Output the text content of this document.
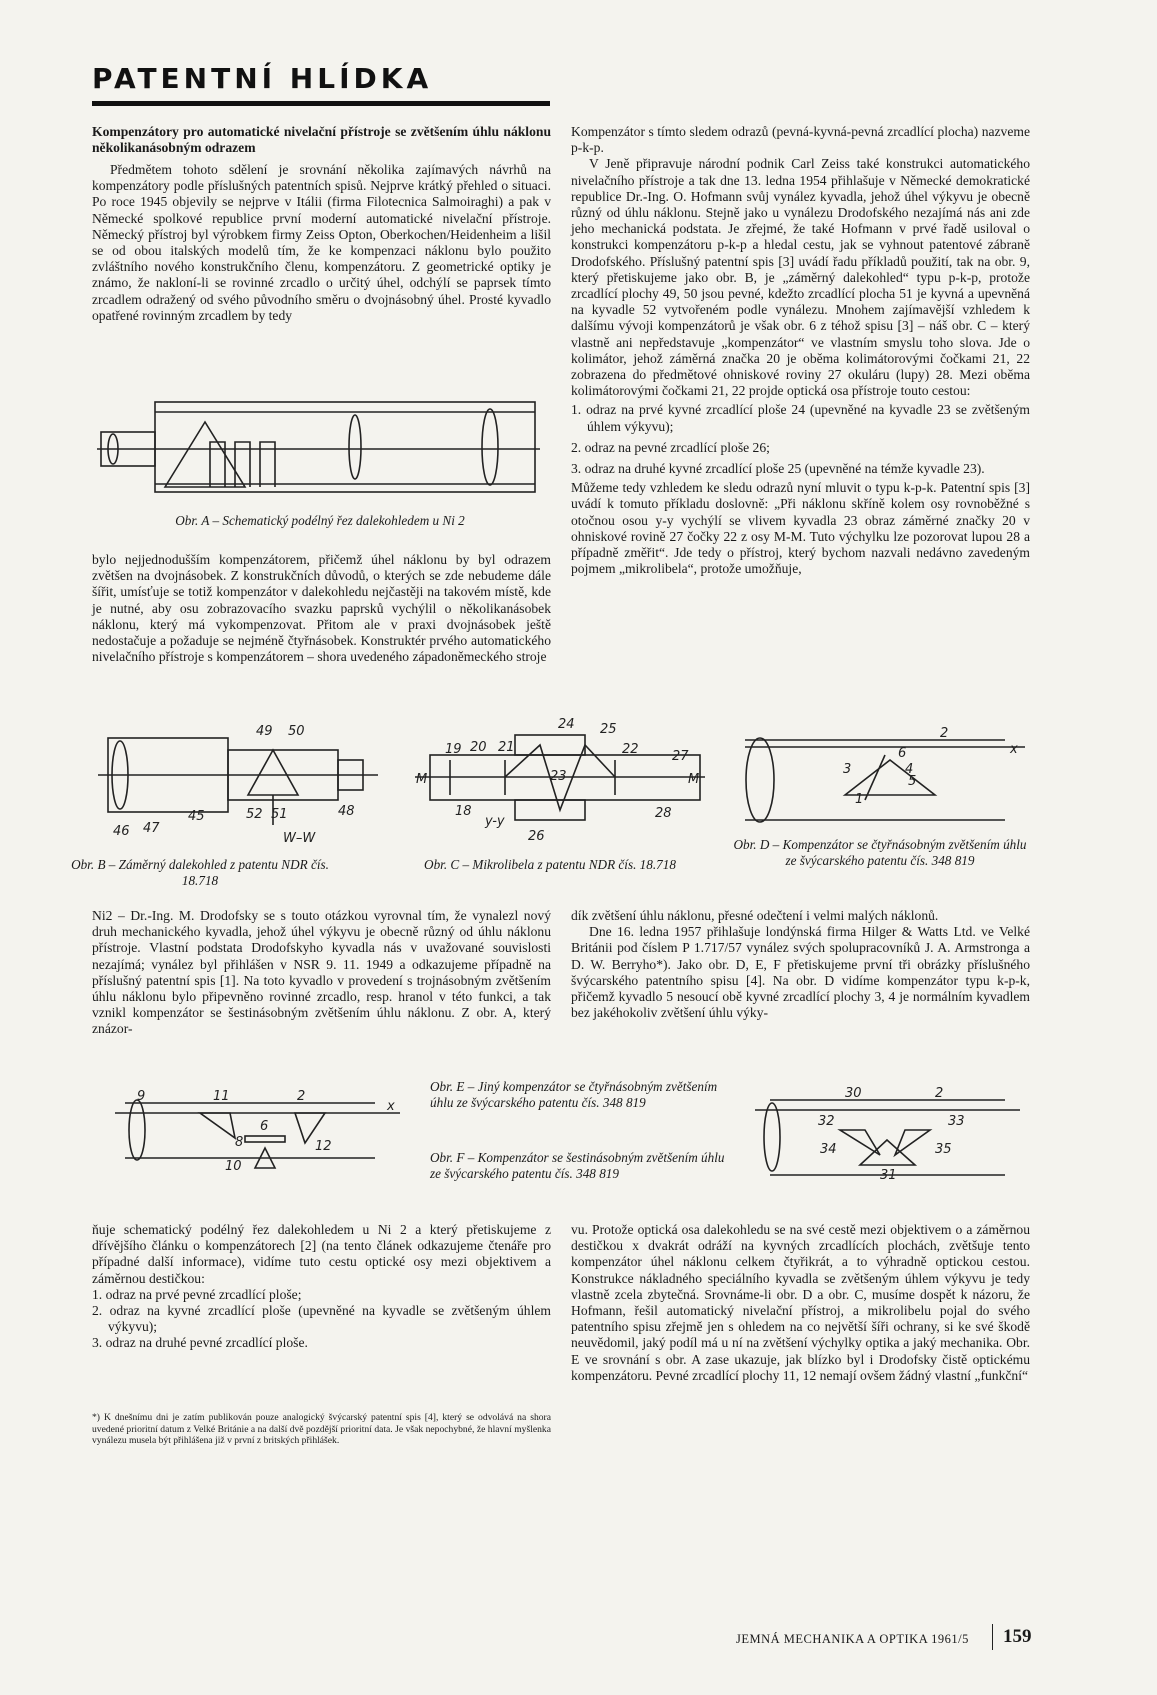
PATENTNÍ HLÍDKA
Kompenzátory pro automatické nivelační přístroje se zvětšením úhlu náklonu několikanásobným odrazem

Předmětem tohoto sdělení je srovnání několika zajímavých návrhů na kompenzátory podle příslušných patentních spisů. Nejprve krátký přehled o situaci. Po roce 1945 objevily se nejprve v Itálii (firma Filotecnica Salmoiraghi) a pak v Německé spolkové republice první moderní automatické nivelační přístroje. Německý přístroj byl výrobkem firmy Zeiss Opton, Oberkochen/Heidenheim a lišil se od obou italských modelů tím, že ke kompenzaci náklonu bylo použito zvláštního nového konstrukčního členu, kompenzátoru. Z geometrické optiky je známo, že nakloní-li se rovinné zrcadlo o určitý úhel, odchýlí se paprsek tímto zrcadlem odražený od svého původního směru o dvojnásobný úhel. Prosté kyvadlo opatřené rovinným zrcadlem by tedy

Obr. A – Schematický podélný řez dalekohledem u Ni 2

bylo nejjednodušším kompenzátorem, přičemž úhel náklonu by byl odrazem zvětšen na dvojnásobek. Z konstrukčních důvodů, o kterých se zde nebudeme dále šířit, umísťuje se totiž kompenzátor v dalekohledu nejčastěji na takovém místě, kde je nutné, aby osu zobrazovacího svazku paprsků vychýlil o několikanásobek náklonu, který má vykompenzovat. Přitom ale v praxi dvojnásobek ještě nedostačuje a požaduje se nejméně čtyřnásobek. Konstruktér prvého automatického nivelačního přístroje s kompenzátorem – shora uvedeného západoněmeckého stroje

Kompenzátor s tímto sledem odrazů (pevná-kyvná-pevná zrcadlící plocha) nazveme p-k-p.

V Jeně připravuje národní podnik Carl Zeiss také konstrukci automatického nivelačního přístroje a tak dne 13. ledna 1954 přihlašuje v Německé demokratické republice Dr.-Ing. O. Hofmann svůj vynález kyvadla, jehož úhel výkyvu je obecně různý od úhlu náklonu. Stejně jako u vynálezu Drodofského nezajímá nás ani zde jeho mechanická podstata. Je zřejmé, že také Hofmann v prvé řadě usiloval o konstrukci kompenzátoru p-k-p a hledal cestu, jak se vyhnout patentové zábraně Drodofského. Příslušný patentní spis [3] uvádí řadu příkladů použití, tak na obr. 9, který přetiskujeme jako obr. B, je „záměrný dalekohled“ typu p-k-p, protože zrcadlící plochy 49, 50 jsou pevné, kdežto zrcadlící plocha 51 je kyvná a upevněná na kyvadle 52 vytvořeném podle vynálezu. Mnohem zajímavější vzhledem k dalšímu vývoji kompenzátorů je však obr. 6 z téhož spisu [3] – náš obr. C – který vlastně ani nepředstavuje „kompenzátor“ ve vlastním smyslu toho slova. Jde o kolimátor, jehož záměrná značka 20 je oběma kolimátorovými čočkami 21, 22 zobrazena do předmětové ohniskové roviny 27 okuláru (lupy) 28. Mezi oběma kolimátorovými čočkami 21, 22 projde optická osa přístroje touto cestou:

1. odraz na prvé kyvné zrcadlící ploše 24 (upevněné na kyvadle 23 se zvětšeným úhlem výkyvu);
2. odraz na pevné zrcadlící ploše 26;
3. odraz na druhé kyvné zrcadlící ploše 25 (upevněné na témže kyvadle 23).

Můžeme tedy vzhledem ke sledu odrazů nyní mluvit o typu k-p-k. Patentní spis [3] uvádí k tomuto příkladu doslovně: „Při náklonu skříně kolem osy rovnoběžné s otočnou osou y-y vychýlí se vlivem kyvadla 23 obraz záměrné značky 20 v ohniskové rovině 27 čočky 22 z osy M-M. Tuto výchylku lze pozorovat lupou 28 a případně změřit“. Jde tedy o přístroj, který bychom nazvali nedávno zavedeným pojmem „mikrolibela“, protože umožňuje,

49 50
45	52 51	48
46 47
W–W
Obr. B – Záměrný dalekohled z patentu NDR čís. 18.718
24 25
19 20 21	22	27
M	M
23
18	28
y-y
26
Obr. C – Mikrolibela z patentu NDR čís. 18.718
2
x
6
3	4
5
1
Obr. D – Kompenzátor se čtyřnásobným zvětšením úhlu ze švýcarského patentu čís. 348 819

Ni2 – Dr.-Ing. M. Drodofsky se s touto otázkou vyrovnal tím, že vynalezl nový druh mechanického kyvadla, jehož úhel výkyvu je obecně různý od úhlu náklonu přístroje. Vlastní podstata Drodofskyho kyvadla nás v uvažované souvislosti nezajímá; vynález byl přihlášen v NSR 9. 11. 1949 a odkazujeme případně na příslušný patentní spis [1]. Na toto kyvadlo v provedení s trojnásobným zvětšením úhlu náklonu bylo připevněno rovinné zrcadlo, resp. hranol v této funkci, a tak vznikl kompenzátor se šestinásobným zvětšením úhlu náklonu. Z obr. A, který znázor-

dík zvětšení úhlu náklonu, přesné odečtení i velmi malých náklonů.

Dne 16. ledna 1957 přihlašuje londýnská firma Hilger & Watts Ltd. ve Velké Británii pod číslem P 1.717/57 vynález svých spolupracovníků J. A. Armstronga a D. W. Berryho*). Jako obr. D, E, F přetiskujeme první tři obrázky příslušného švýcarského patentního spisu [4]. Na obr. D vidíme kompenzátor typu k-p-k, přičemž kyvadlo 5 nesoucí obě kyvné zrcadlící plochy 3, 4 je normálním kyvadlem bez jakéhokoliv zvětšení úhlu výky-

9	11	2
x
6
8	12
10
Obr. E – Jiný kompenzátor se čtyřnásobným zvětšením úhlu ze švýcarského patentu čís. 348 819
Obr. F – Kompenzátor se šestinásobným zvětšením úhlu ze švýcarského patentu čís. 348 819
30	2
32	33
34	35
31

ňuje schematický podélný řez dalekohledem u Ni 2 a který přetiskujeme z dřívějšího článku o kompenzátorech [2] (na tento článek odkazujeme čtenáře pro případné další informace), vidíme tuto cestu optické osy mezi objektivem a záměrnou destičkou:

1. odraz na prvé pevné zrcadlící ploše;
2. odraz na kyvné zrcadlící ploše (upevněné na kyvadle se zvětšeným úhlem výkyvu);
3. odraz na druhé pevné zrcadlící ploše.
*) K dnešnímu dni je zatím publikován pouze analogický švýcarský patentní spis [4], který se odvolává na shora uvedené prioritní datum z Velké Británie a na další dvě pozdější prioritní data. Je však nepochybné, že hlavní myšlenka vynálezu musela být přihlášena již v první z britských přihlášek.

vu. Protože optická osa dalekohledu se na své cestě mezi objektivem o a záměrnou destičkou x dvakrát odráží na kyvných zrcadlících plochách, zvětšuje tento kompenzátor úhel náklonu celkem čtyřikrát, a to výhradně optickou cestou. Konstrukce nákladného speciálního kyvadla se zvětšeným úhlem výkyvu je tedy vlastně zcela zbytečná. Srovnáme-li obr. D a obr. C, musíme dospět k názoru, že Hofmann, řešil automatický nivelační přístroj, a mikrolibelu pojal do svého patentního spisu zřejmě jen s ohledem na co největší šíři ochrany, si ke své škodě neuvědomil, jaký podíl má u ní na zvětšení výchylky optika a jaký mechanika. Obr. E ve srovnání s obr. A zase ukazuje, jak blízko byl i Drodofsky čistě optickému kompenzátoru. Pevné zrcadlící plochy 11, 12 nemají ovšem žádný vlastní „funkční“

JEMNÁ MECHANIKA A OPTIKA 1961/5 159
